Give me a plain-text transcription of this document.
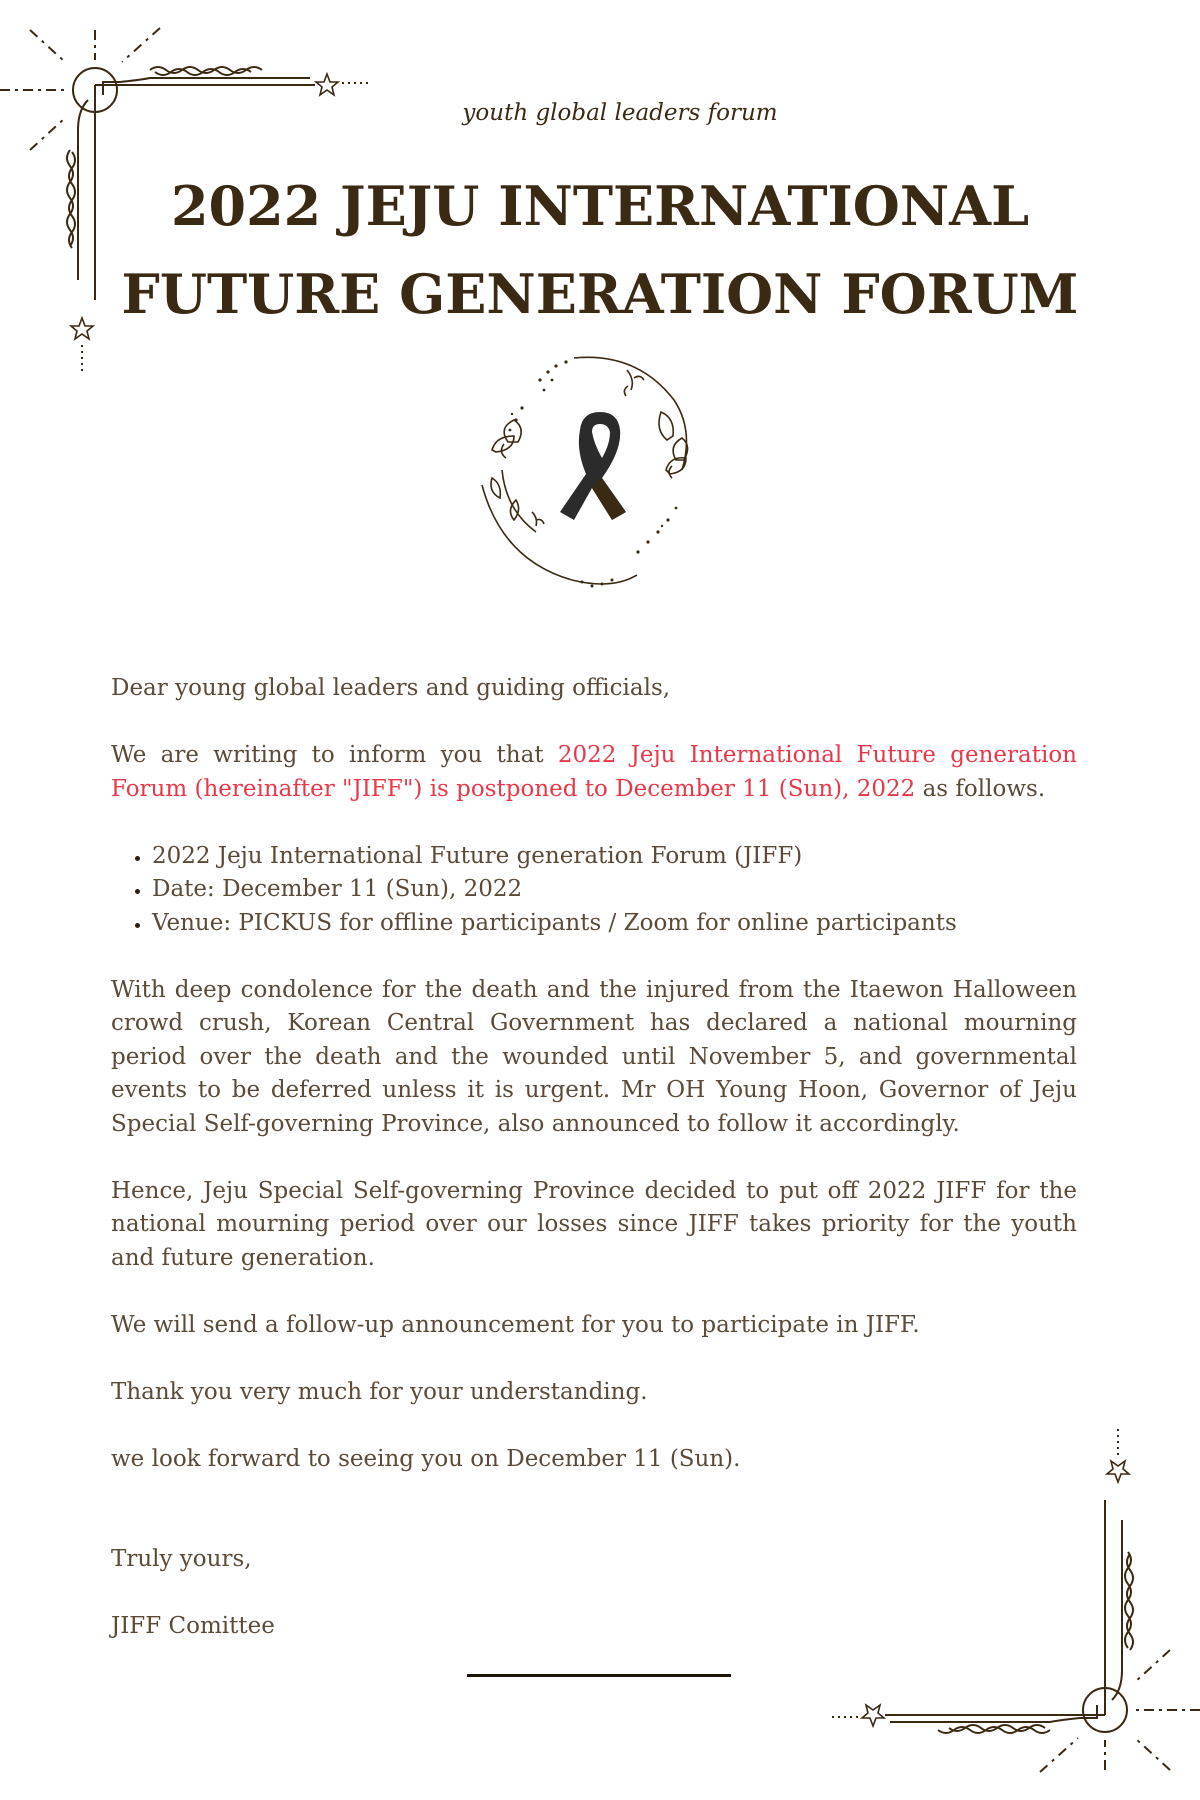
youth global leaders forum
2022 JEJU INTERNATIONAL
FUTURE GENERATION FORUM

Dear young global leaders and guiding officials,

We are writing to inform you that 2022 Jeju International Future generation Forum (hereinafter "JIFF") is postponed to December 11 (Sun), 2022 as follows.

• 2022 Jeju International Future generation Forum (JIFF)
• Date: December 11 (Sun), 2022
• Venue: PICKUS for offline participants / Zoom for online participants

With deep condolence for the death and the injured from the Itaewon Halloween crowd crush, Korean Central Government has declared a national mourning period over the death and the wounded until November 5, and governmental events to be deferred unless it is urgent. Mr OH Young Hoon, Governor of Jeju Special Self-governing Province, also announced to follow it accordingly.

Hence, Jeju Special Self-governing Province decided to put off 2022 JIFF for the national mourning period over our losses since JIFF takes priority for the youth and future generation.

We will send a follow-up announcement for you to participate in JIFF.

Thank you very much for your understanding.

we look forward to seeing you on December 11 (Sun).

Truly yours,

JIFF Comittee
